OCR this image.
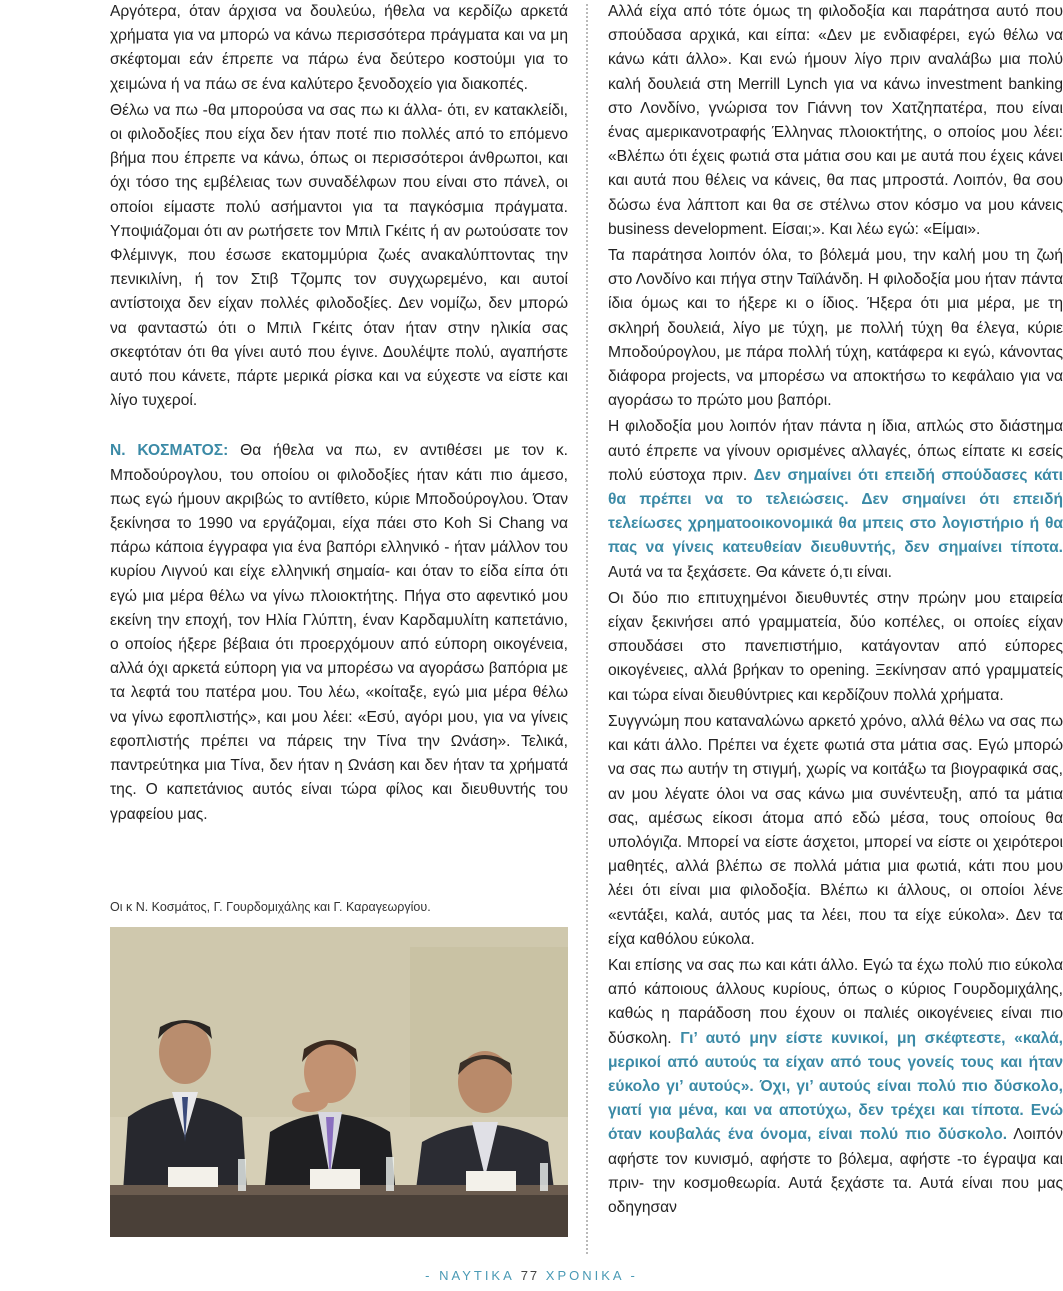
Αργότερα, όταν άρχισα να δουλεύω, ήθελα να κερδίζω αρκετά χρήματα για να μπορώ να κάνω περισσότερα πράγματα και να μη σκέφτομαι εάν έπρεπε να πάρω ένα δεύτερο κοστούμι για το χειμώνα ή να πάω σε ένα καλύτερο ξενοδοχείο για διακοπές.

Θέλω να πω -θα μπορούσα να σας πω κι άλλα- ότι, εν κατακλείδι, οι φιλοδοξίες που είχα δεν ήταν ποτέ πιο πολλές από το επόμενο βήμα που έπρεπε να κάνω, όπως οι περισσότεροι άνθρωποι, και όχι τόσο της εμβέλειας των συναδέλφων που είναι στο πάνελ, οι οποίοι είμαστε πολύ ασήμαντοι για τα παγκόσμια πράγματα. Υποψιάζομαι ότι αν ρωτήσετε τον Μπιλ Γκέιτς ή αν ρωτούσατε τον Φλέμινγκ, που έσωσε εκατομμύρια ζωές ανακαλύπτοντας την πενικιλίνη, ή τον Στιβ Τζομπς τον συγχωρεμένο, και αυτοί αντίστοιχα δεν είχαν πολλές φιλοδοξίες. Δεν νομίζω, δεν μπορώ να φανταστώ ότι ο Μπιλ Γκέιτς όταν ήταν στην ηλικία σας σκεφτόταν ότι θα γίνει αυτό που έγινε. Δουλέψτε πολύ, αγαπήστε αυτό που κάνετε, πάρτε μερικά ρίσκα και να εύχεστε να είστε και λίγο τυχεροί.

Ν. ΚΟΣΜΑΤΟΣ: Θα ήθελα να πω, εν αντιθέσει με τον κ. Μποδούρογλου, του οποίου οι φιλοδοξίες ήταν κάτι πιο άμεσο, πως εγώ ήμουν ακριβώς το αντίθετο, κύριε Μποδούρογλου. Όταν ξεκίνησα το 1990 να εργάζομαι, είχα πάει στο Koh Si Chang να πάρω κάποια έγγραφα για ένα βαπόρι ελληνικό - ήταν μάλλον του κυρίου Λιγνού και είχε ελληνική σημαία- και όταν το είδα είπα ότι εγώ μια μέρα θέλω να γίνω πλοιοκτήτης. Πήγα στο αφεντικό μου εκείνη την εποχή, τον Ηλία Γλύπτη, έναν Καρδαμυλίτη καπετάνιο, ο οποίος ήξερε βέβαια ότι προερχόμουν από εύπορη οικογένεια, αλλά όχι αρκετά εύπορη για να μπορέσω να αγοράσω βαπόρια με τα λεφτά του πατέρα μου. Του λέω, «κοίταξε, εγώ μια μέρα θέλω να γίνω εφοπλιστής», και μου λέει: «Εσύ, αγόρι μου, για να γίνεις εφοπλιστής πρέπει να πάρεις την Τίνα την Ωνάση». Τελικά, παντρεύτηκα μια Τίνα, δεν ήταν η Ωνάση και δεν ήταν τα χρήματά της. Ο καπετάνιος αυτός είναι τώρα φίλος και διευθυντής του γραφείου μας.

Οι κ Ν. Κοσμάτος, Γ. Γουρδομιχάλης και Γ. Καραγεωργίου.

Αλλά είχα από τότε όμως τη φιλοδοξία και παράτησα αυτό που σπούδασα αρχικά, και είπα: «Δεν με ενδιαφέρει, εγώ θέλω να κάνω κάτι άλλο». Και ενώ ήμουν λίγο πριν αναλάβω μια πολύ καλή δουλειά στη Merrill Lynch για να κάνω investment banking στο Λονδίνο, γνώρισα τον Γιάννη τον Χατζηπατέρα, που είναι ένας αμερικανοτραφής Έλληνας πλοιοκτήτης, ο οποίος μου λέει: «Βλέπω ότι έχεις φωτιά στα μάτια σου και με αυτά που έχεις κάνει και αυτά που θέλεις να κάνεις, θα πας μπροστά. Λοιπόν, θα σου δώσω ένα λάπτοπ και θα σε στέλνω στον κόσμο να μου κάνεις business development. Είσαι;». Και λέω εγώ: «Είμαι».

Τα παράτησα λοιπόν όλα, το βόλεμά μου, την καλή μου τη ζωή στο Λονδίνο και πήγα στην Ταϊλάνδη. Η φιλοδοξία μου ήταν πάντα ίδια όμως και το ήξερε κι ο ίδιος. Ήξερα ότι μια μέρα, με τη σκληρή δουλειά, λίγο με τύχη, με πολλή τύχη θα έλεγα, κύριε Μποδούρογλου, με πάρα πολλή τύχη, κατάφερα κι εγώ, κάνοντας διάφορα projects, να μπορέσω να αποκτήσω το κεφάλαιο για να αγοράσω το πρώτο μου βαπόρι.

Η φιλοδοξία μου λοιπόν ήταν πάντα η ίδια, απλώς στο διάστημα αυτό έπρεπε να γίνουν ορισμένες αλλαγές, όπως είπατε κι εσείς πολύ εύστοχα πριν. Δεν σημαίνει ότι επειδή σπούδασες κάτι θα πρέπει να το τελειώσεις. Δεν σημαίνει ότι επειδή τελείωσες χρηματοοικονομικά θα μπεις στο λογιστήριο ή θα πας να γίνεις κατευθείαν διευθυντής, δεν σημαίνει τίποτα. Αυτά να τα ξεχάσετε. Θα κάνετε ό,τι είναι.

Οι δύο πιο επιτυχημένοι διευθυντές στην πρώην μου εταιρεία είχαν ξεκινήσει από γραμματεία, δύο κοπέλες, οι οποίες είχαν σπουδάσει στο πανεπιστήμιο, κατάγονταν από εύπορες οικογένειες, αλλά βρήκαν το opening. Ξεκίνησαν από γραμματείς και τώρα είναι διευθύντριες και κερδίζουν πολλά χρήματα.

Συγγνώμη που καταναλώνω αρκετό χρόνο, αλλά θέλω να σας πω και κάτι άλλο. Πρέπει να έχετε φωτιά στα μάτια σας. Εγώ μπορώ να σας πω αυτήν τη στιγμή, χωρίς να κοιτάξω τα βιογραφικά σας, αν μου λέγατε όλοι να σας κάνω μια συνέντευξη, από τα μάτια σας, αμέσως είκοσι άτομα από εδώ μέσα, τους οποίους θα υπολόγιζα. Μπορεί να είστε άσχετοι, μπορεί να είστε οι χειρότεροι μαθητές, αλλά βλέπω σε πολλά μάτια μια φωτιά, κάτι που μου λέει ότι είναι μια φιλοδοξία. Βλέπω κι άλλους, οι οποίοι λένε «εντάξει, καλά, αυτός μας τα λέει, που τα είχε εύκολα». Δεν τα είχα καθόλου εύκολα.

Και επίσης να σας πω και κάτι άλλο. Εγώ τα έχω πολύ πιο εύκολα από κάποιους άλλους κυρίους, όπως ο κύριος Γουρδομιχάλης, καθώς η παράδοση που έχουν οι παλιές οικογένειες είναι πιο δύσκολη. Γι’ αυτό μην είστε κυνικοί, μη σκέφτεστε, «καλά, μερικοί από αυτούς τα είχαν από τους γονείς τους και ήταν εύκολο γι’ αυτούς». Όχι, γι’ αυτούς είναι πολύ πιο δύσκολο, γιατί για μένα, και να αποτύχω, δεν τρέχει και τίποτα. Ενώ όταν κουβαλάς ένα όνομα, είναι πολύ πιο δύσκολο. Λοιπόν αφήστε τον κυνισμό, αφήστε το βόλεμα, αφήστε -το έγραψα και πριν- την κοσμοθεωρία. Αυτά ξεχάστε τα. Αυτά είναι που μας οδηγησαν

- ΝΑΥΤΙΚΑ 77 ΧΡΟΝΙΚΑ -
